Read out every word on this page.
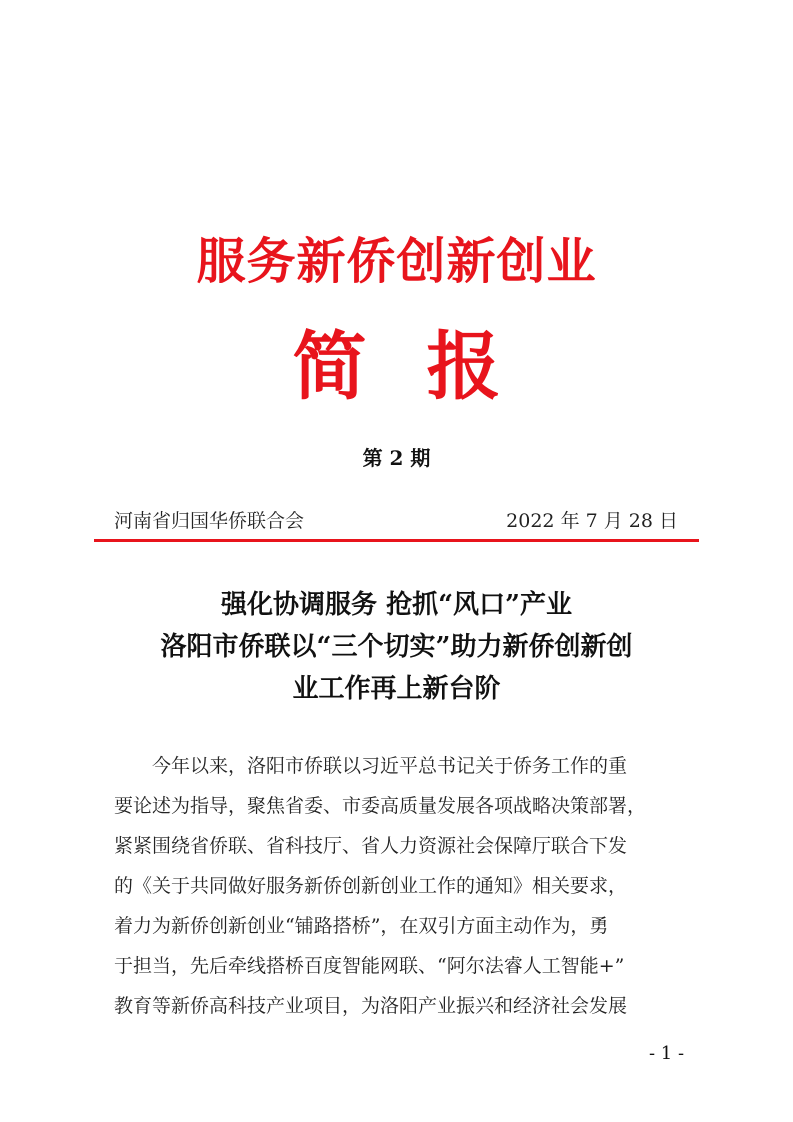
服务新侨创新创业
简报
第 2 期
河南省归国华侨联合会	2022 年 7 月 28 日
强化协调服务 抢抓“风口”产业
洛阳市侨联以“三个切实”助力新侨创新创
业工作再上新台阶
　　今年以来，洛阳市侨联以习近平总书记关于侨务工作的重
要论述为指导，聚焦省委、市委高质量发展各项战略决策部署，
紧紧围绕省侨联、省科技厅、省人力资源社会保障厅联合下发
的《关于共同做好服务新侨创新创业工作的通知》相关要求，
着力为新侨创新创业“铺路搭桥”，在双引方面主动作为，勇
于担当，先后牵线搭桥百度智能网联、“阿尔法睿人工智能+”
教育等新侨高科技产业项目，为洛阳产业振兴和经济社会发展
- 1 -
